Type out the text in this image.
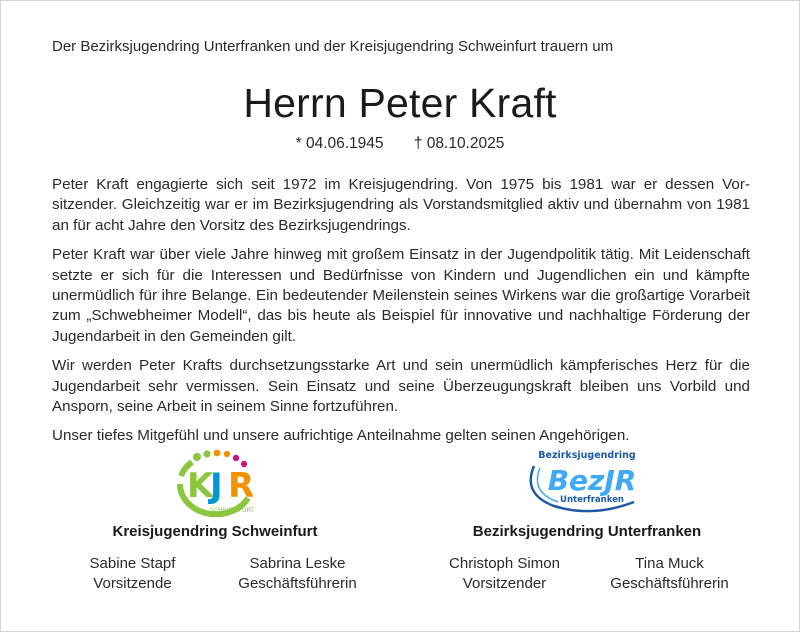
Der Bezirksjugendring Unterfranken und der Kreisjugendring Schweinfurt trauern um
Herrn Peter Kraft
* 04.06.1945 † 08.10.2025

Peter Kraft engagierte sich seit 1972 im Kreisjugendring. Von 1975 bis 1981 war er dessen Vorsitzender. Gleichzeitig war er im Bezirksjugendring als Vorstandsmitglied aktiv und übernahm von 1981 an für acht Jahre den Vorsitz des Bezirksjugendrings.

Peter Kraft war über viele Jahre hinweg mit großem Einsatz in der Jugendpolitik tätig. Mit Leidenschaft setzte er sich für die Interessen und Bedürfnisse von Kindern und Jugendlichen ein und kämpfte unermüdlich für ihre Belange. Ein bedeutender Meilenstein seines Wirkens war die großartige Vorarbeit zum „Schwebheimer Modell“, das bis heute als Beispiel für innovative und nachhaltige Förderung der Jugendarbeit in den Gemeinden gilt.

Wir werden Peter Krafts durchsetzungsstarke Art und sein unermüdlich kämpferisches Herz für die Jugendarbeit sehr vermissen. Sein Einsatz und seine Überzeugungskraft bleiben uns Vorbild und Ansporn, seine Arbeit in seinem Sinne fortzuführen.

Unser tiefes Mitgefühl und unsere aufrichtige Anteilnahme gelten seinen Angehörigen.

K
J R
SCHWEINFURT
Kreisjugendring Schweinfurt
Sabine Stapf
Vorsitzende
Sabrina Leske
Geschäftsführerin
Bezirksjugendring
BezJR
Unterfranken
Bezirksjugendring Unterfranken
Christoph Simon
Vorsitzender
Tina Muck
Geschäftsführerin
